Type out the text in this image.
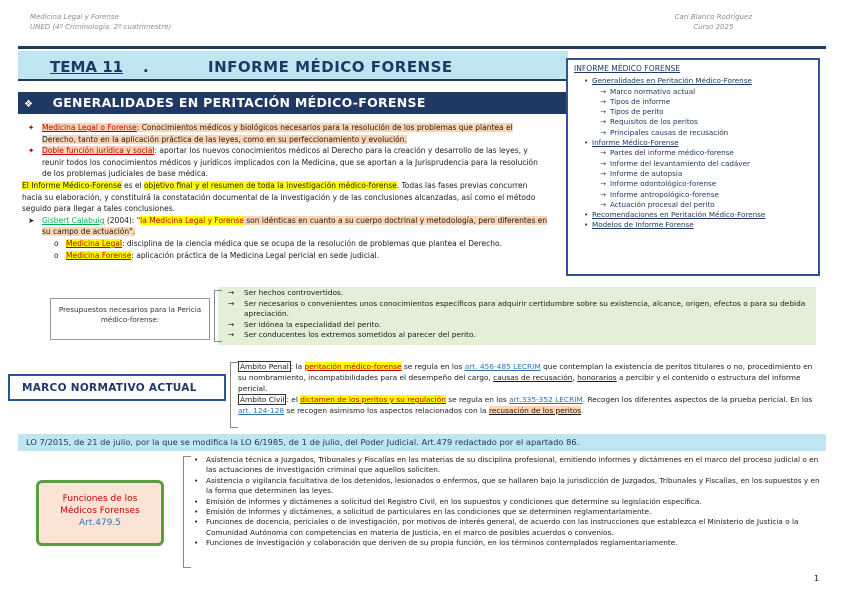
Medicina Legal y Forense
UNED (4º Criminología. 2º cuatrimestre)
Cari Blanco Rodríguez
Curso 2025
TEMA 11 .	INFORME MÉDICO FORENSE	INFORME MÉDICO FORENSE
• Generalidades en Peritación Médico-Forense
→ Marco normativo actual
→ Tipos de informe
→ Tipos de perito
→ Requisitos de los peritos
→ Principales causas de recusación
• Informe Médico-Forense
→ Partes del informe médico-forense
→ Informe del levantamiento del cadáver
→ Informe de autopsia
→ Informe odontológico-forense
→ Informe antropológico-forense
→ Actuación procesal del perito
• Recomendaciones en Peritación Médico-Forense
• Modelos de Informe Forense
❖ GENERALIDADES EN PERITACIÓN MÉDICO-FORENSE
✦ Medicina Legal o Forense: Conocimientos médicos y biológicos necesarios para la resolución de los problemas que plantea el Derecho, tanto en la aplicación práctica de las leyes, como en su perfeccionamiento y evolución.
✦ Doble función jurídica y social: aportar los nuevos conocimientos médicos al Derecho para la creación y desarrollo de las leyes, y reunir todos los conocimientos médicos y jurídicos implicados con la Medicina, que se aportan a la Jurisprudencia para la resolución de los problemas judiciales de base médica.
El Informe Médico-Forense es el objetivo final y el resumen de toda la investigación médico-forense. Todas las fases previas concurren hacia su elaboración, y constituirá la constatación documental de la investigación y de las conclusiones alcanzadas, así como el método seguido para llegar a tales conclusiones.
➤ Gisbert Calabuig (2004): "la Medicina Legal y Forense son idénticas en cuanto a su cuerpo doctrinal y metodología, pero diferentes en su campo de actuación".
o Medicina Legal: disciplina de la ciencia médica que se ocupa de la resolución de problemas que plantea el Derecho.
o Medicina Forense: aplicación práctica de la Medicina Legal pericial en sede judicial.
Presupuestos necesarios para la Pericia médico-forense:
→ Ser hechos controvertidos.
→ Ser necesarios o convenientes unos conocimientos específicos para adquirir certidumbre sobre su existencia, alcance, origen, efectos o para su debida apreciación.
→ Ser idónea la especialidad del perito.
→ Ser conducentes los extremos sometidos al parecer del perito.
MARCO NORMATIVO ACTUAL
Ámbito Penal : la peritación médico-forense se regula en los art. 456-485 LECRIM que contemplan la existencia de peritos titulares o no, procedimiento en su nombramiento, incompatibilidades para el desempeño del cargo, causas de recusación, honorarios a percibir y el contenido o estructura del informe pericial.
Ámbito Civil : el dictamen de los peritos y su regulación se regula en los art.335-352 LECRIM. Recogen los diferentes aspectos de la prueba pericial. En los art. 124-128 se recogen asimismo los aspectos relacionados con la recusación de los peritos.
LO 7/2015, de 21 de julio, por la que se modifica la LO 6/1985, de 1 de julio, del Poder Judicial. Art.479 redactado por el apartado 86.
Funciones de los
Médicos Forenses
Art.479.5
• Asistencia técnica a Juzgados, Tribunales y Fiscalías en las materias de su disciplina profesional, emitiendo informes y dictámenes en el marco del proceso judicial o en las actuaciones de investigación criminal que aquellos soliciten.
• Asistencia o vigilancia facultativa de los detenidos, lesionados o enfermos, que se hallaren bajo la jurisdicción de Juzgados, Tribunales y Fiscalías, en los supuestos y en la forma que determinen las leyes.
• Emisión de informes y dictámenes a solicitud del Registro Civil, en los supuestos y condiciones que determine su legislación específica.
• Emisión de informes y dictámenes, a solicitud de particulares en las condiciones que se determinen reglamentariamente.
• Funciones de docencia, periciales o de investigación, por motivos de interés general, de acuerdo con las instrucciones que establezca el Ministerio de Justicia o la Comunidad Autónoma con competencias en materia de Justicia, en el marco de posibles acuerdos o convenios.
• Funciones de investigación y colaboración que deriven de su propia función, en los términos contemplados reglamentariamente.
1
